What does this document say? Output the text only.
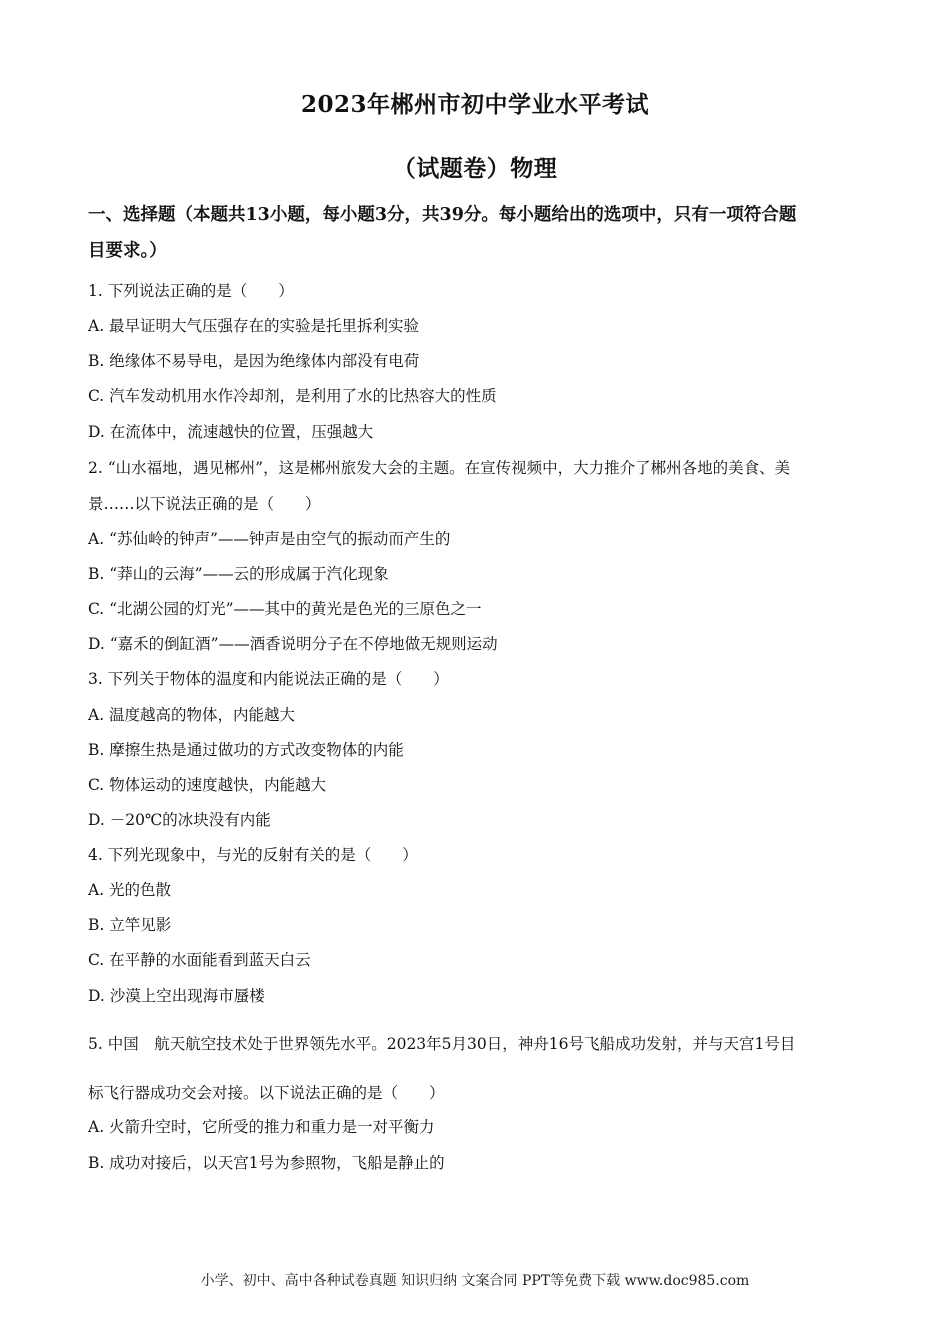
2023年郴州市初中学业水平考试
（试题卷）物理
一、选择题（本题共13小题，每小题3分，共39分。每小题给出的选项中，只有一项符合题
目要求。）
1. 下列说法正确的是（　　）
A. 最早证明大气压强存在的实验是托里拆利实验
B. 绝缘体不易导电，是因为绝缘体内部没有电荷
C. 汽车发动机用水作冷却剂，是利用了水的比热容大的性质
D. 在流体中，流速越快的位置，压强越大
2. “山水福地，遇见郴州”，这是郴州旅发大会的主题。在宣传视频中，大力推介了郴州各地的美食、美
景……以下说法正确的是（　　）
A. “苏仙岭的钟声”——钟声是由空气的振动而产生的
B. “莽山的云海”——云的形成属于汽化现象
C. “北湖公园的灯光”——其中的黄光是色光的三原色之一
D. “嘉禾的倒缸酒”——酒香说明分子在不停地做无规则运动
3. 下列关于物体的温度和内能说法正确的是（　　）
A. 温度越高的物体，内能越大
B. 摩擦生热是通过做功的方式改变物体的内能
C. 物体运动的速度越快，内能越大
D. －20℃的冰块没有内能
4. 下列光现象中，与光的反射有关的是（　　）
A. 光的色散
B. 立竿见影
C. 在平静的水面能看到蓝天白云
D. 沙漠上空出现海市蜃楼
5. 中国　航天航空技术处于世界领先水平。2023年5月30日，神舟16号飞船成功发射，并与天宫1号目
标飞行器成功交会对接。以下说法正确的是（　　）
A. 火箭升空时，它所受的推力和重力是一对平衡力
B. 成功对接后，以天宫1号为参照物，飞船是静止的
小学、初中、高中各种试卷真题 知识归纳 文案合同 PPT等免费下载 www.doc985.com
